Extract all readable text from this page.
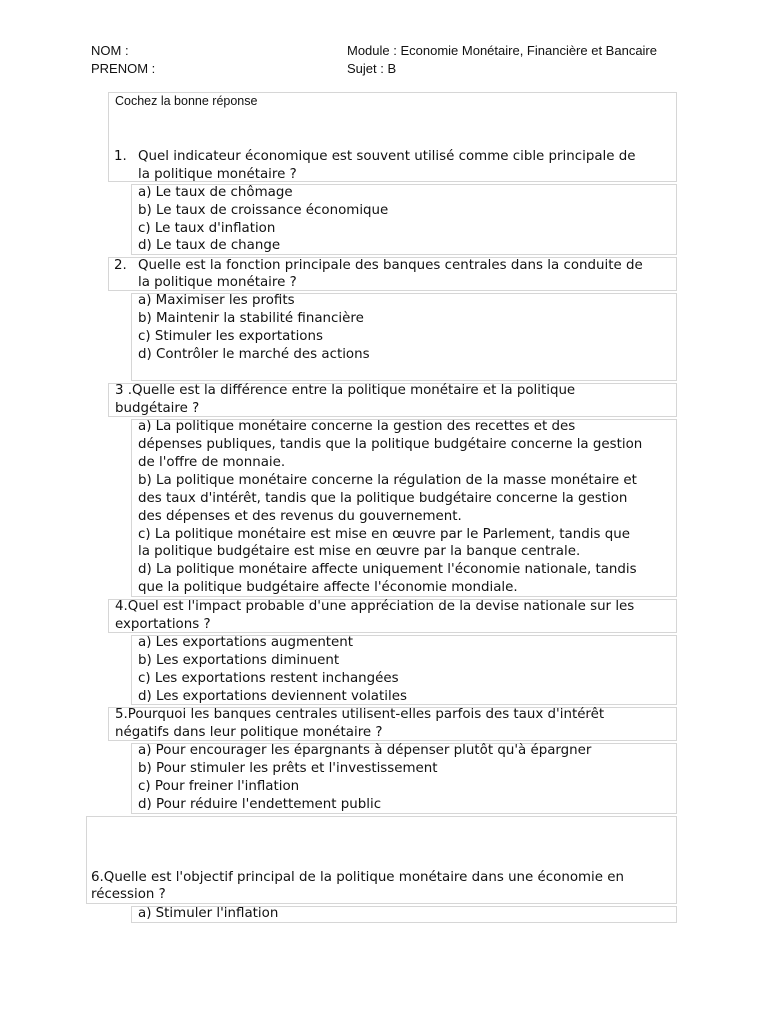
NOM :
PRENOM :
Module : Economie Monétaire, Financière et Bancaire
Sujet : B
Cochez la bonne réponse
1. Quel indicateur économique est souvent utilisé comme cible principale de
la politique monétaire ?
a) Le taux de chômage
b) Le taux de croissance économique
c) Le taux d'inflation
d) Le taux de change
2. Quelle est la fonction principale des banques centrales dans la conduite de
la politique monétaire ?
a) Maximiser les profits
b) Maintenir la stabilité financière
c) Stimuler les exportations
d) Contrôler le marché des actions
3 .Quelle est la différence entre la politique monétaire et la politique
budgétaire ?
a) La politique monétaire concerne la gestion des recettes et des
dépenses publiques, tandis que la politique budgétaire concerne la gestion
de l'offre de monnaie.
b) La politique monétaire concerne la régulation de la masse monétaire et
des taux d'intérêt, tandis que la politique budgétaire concerne la gestion
des dépenses et des revenus du gouvernement.
c) La politique monétaire est mise en œuvre par le Parlement, tandis que
la politique budgétaire est mise en œuvre par la banque centrale.
d) La politique monétaire affecte uniquement l'économie nationale, tandis
que la politique budgétaire affecte l'économie mondiale.
4.Quel est l'impact probable d'une appréciation de la devise nationale sur les
exportations ?
a) Les exportations augmentent
b) Les exportations diminuent
c) Les exportations restent inchangées
d) Les exportations deviennent volatiles
5.Pourquoi les banques centrales utilisent-elles parfois des taux d'intérêt
négatifs dans leur politique monétaire ?
a) Pour encourager les épargnants à dépenser plutôt qu'à épargner
b) Pour stimuler les prêts et l'investissement
c) Pour freiner l'inflation
d) Pour réduire l'endettement public
6.Quelle est l'objectif principal de la politique monétaire dans une économie en
récession ?
a) Stimuler l'inflation
